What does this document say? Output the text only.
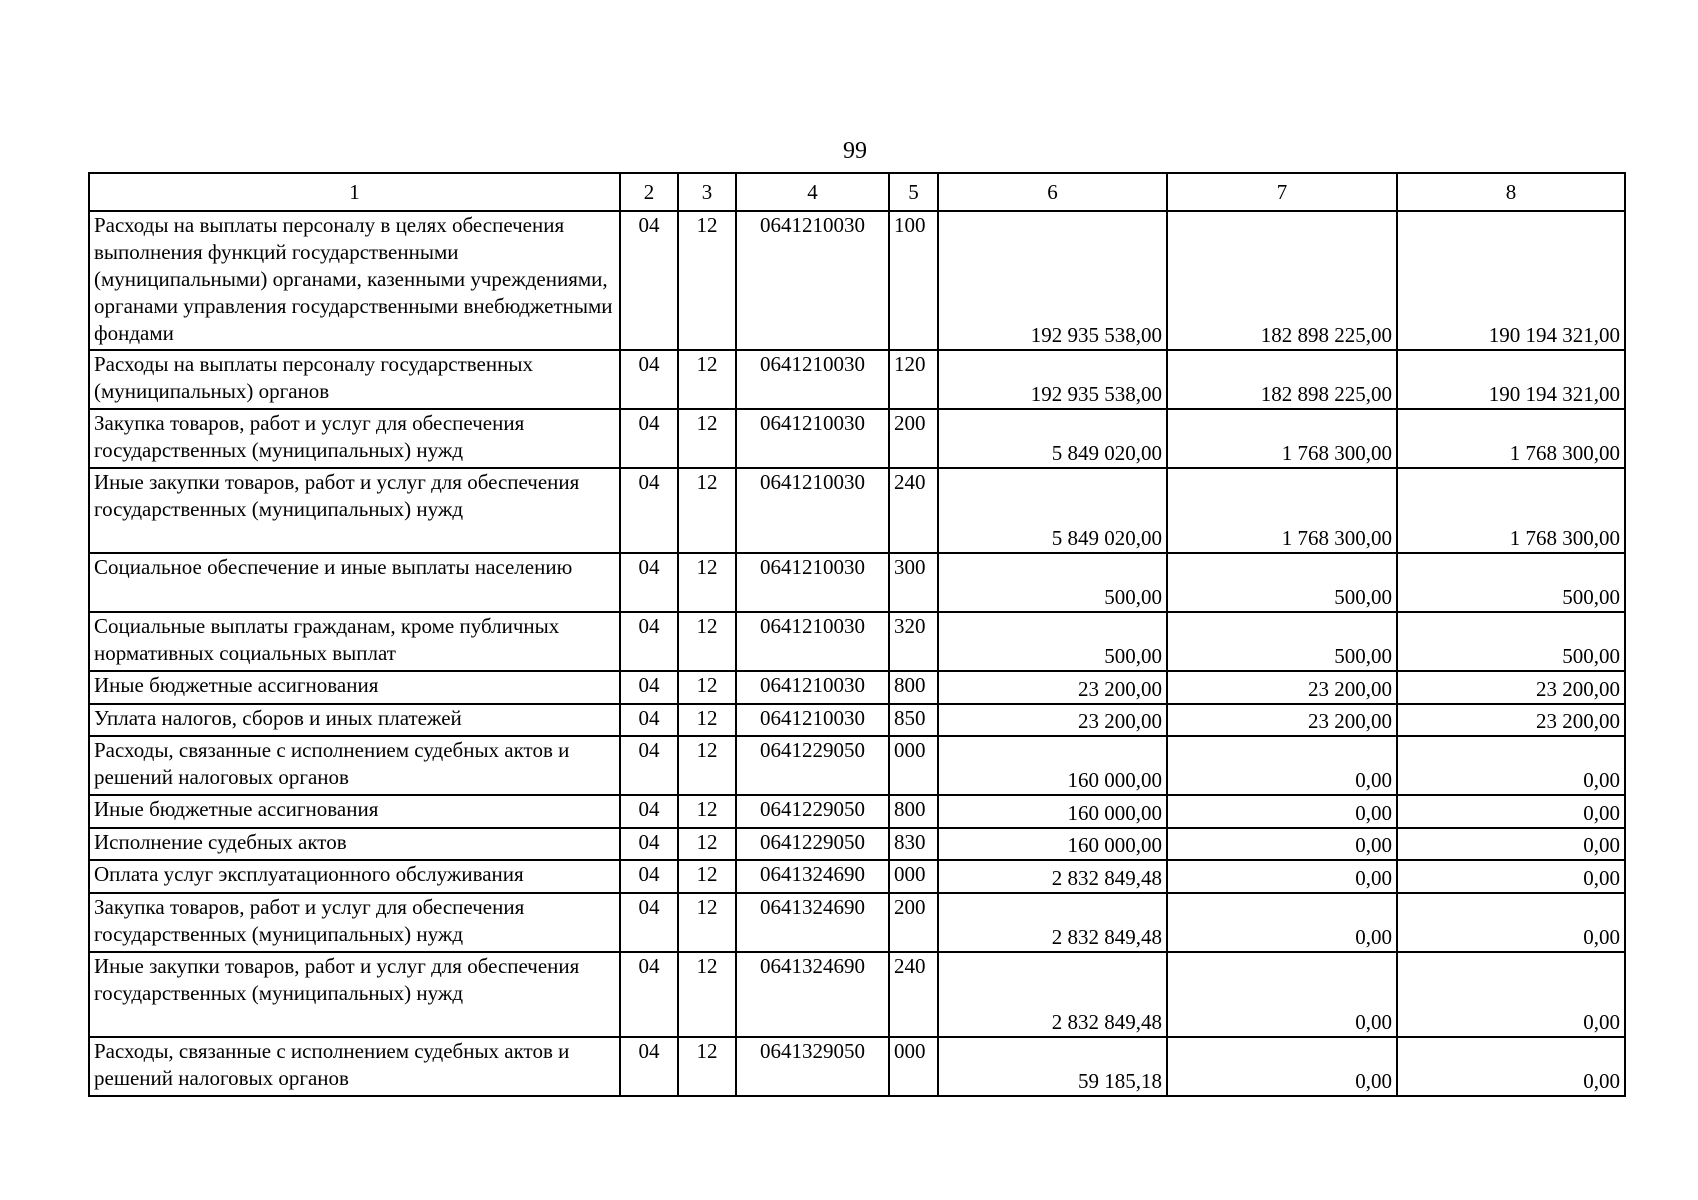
99
1	2	3	4	5	6	7	8
Расходы на выплаты персоналу в целях обеспечения выполнения функций государственными (муниципальными) органами, казенными учреждениями, органами управления государственными внебюджетными фондами	04	12	0641210030	100	192 935 538,00	182 898 225,00	190 194 321,00
Расходы на выплаты персоналу государственных (муниципальных) органов	04	12	0641210030	120	192 935 538,00	182 898 225,00	190 194 321,00
Закупка товаров, работ и услуг для обеспечения государственных (муниципальных) нужд	04	12	0641210030	200	5 849 020,00	1 768 300,00	1 768 300,00
Иные закупки товаров, работ и услуг для обеспечения государственных (муниципальных) нужд	04	12	0641210030	240	5 849 020,00	1 768 300,00	1 768 300,00
Социальное обеспечение и иные выплаты населению	04	12	0641210030	300	500,00	500,00	500,00
Социальные выплаты гражданам, кроме публичных нормативных социальных выплат	04	12	0641210030	320	500,00	500,00	500,00
Иные бюджетные ассигнования	04	12	0641210030	800	23 200,00	23 200,00	23 200,00
Уплата налогов, сборов и иных платежей	04	12	0641210030	850	23 200,00	23 200,00	23 200,00
Расходы, связанные с исполнением судебных актов и решений налоговых органов	04	12	0641229050	000	160 000,00	0,00	0,00
Иные бюджетные ассигнования	04	12	0641229050	800	160 000,00	0,00	0,00
Исполнение судебных актов	04	12	0641229050	830	160 000,00	0,00	0,00
Оплата услуг эксплуатационного обслуживания	04	12	0641324690	000	2 832 849,48	0,00	0,00
Закупка товаров, работ и услуг для обеспечения государственных (муниципальных) нужд	04	12	0641324690	200	2 832 849,48	0,00	0,00
Иные закупки товаров, работ и услуг для обеспечения государственных (муниципальных) нужд	04	12	0641324690	240	2 832 849,48	0,00	0,00
Расходы, связанные с исполнением судебных актов и решений налоговых органов	04	12	0641329050	000	59 185,18	0,00	0,00
